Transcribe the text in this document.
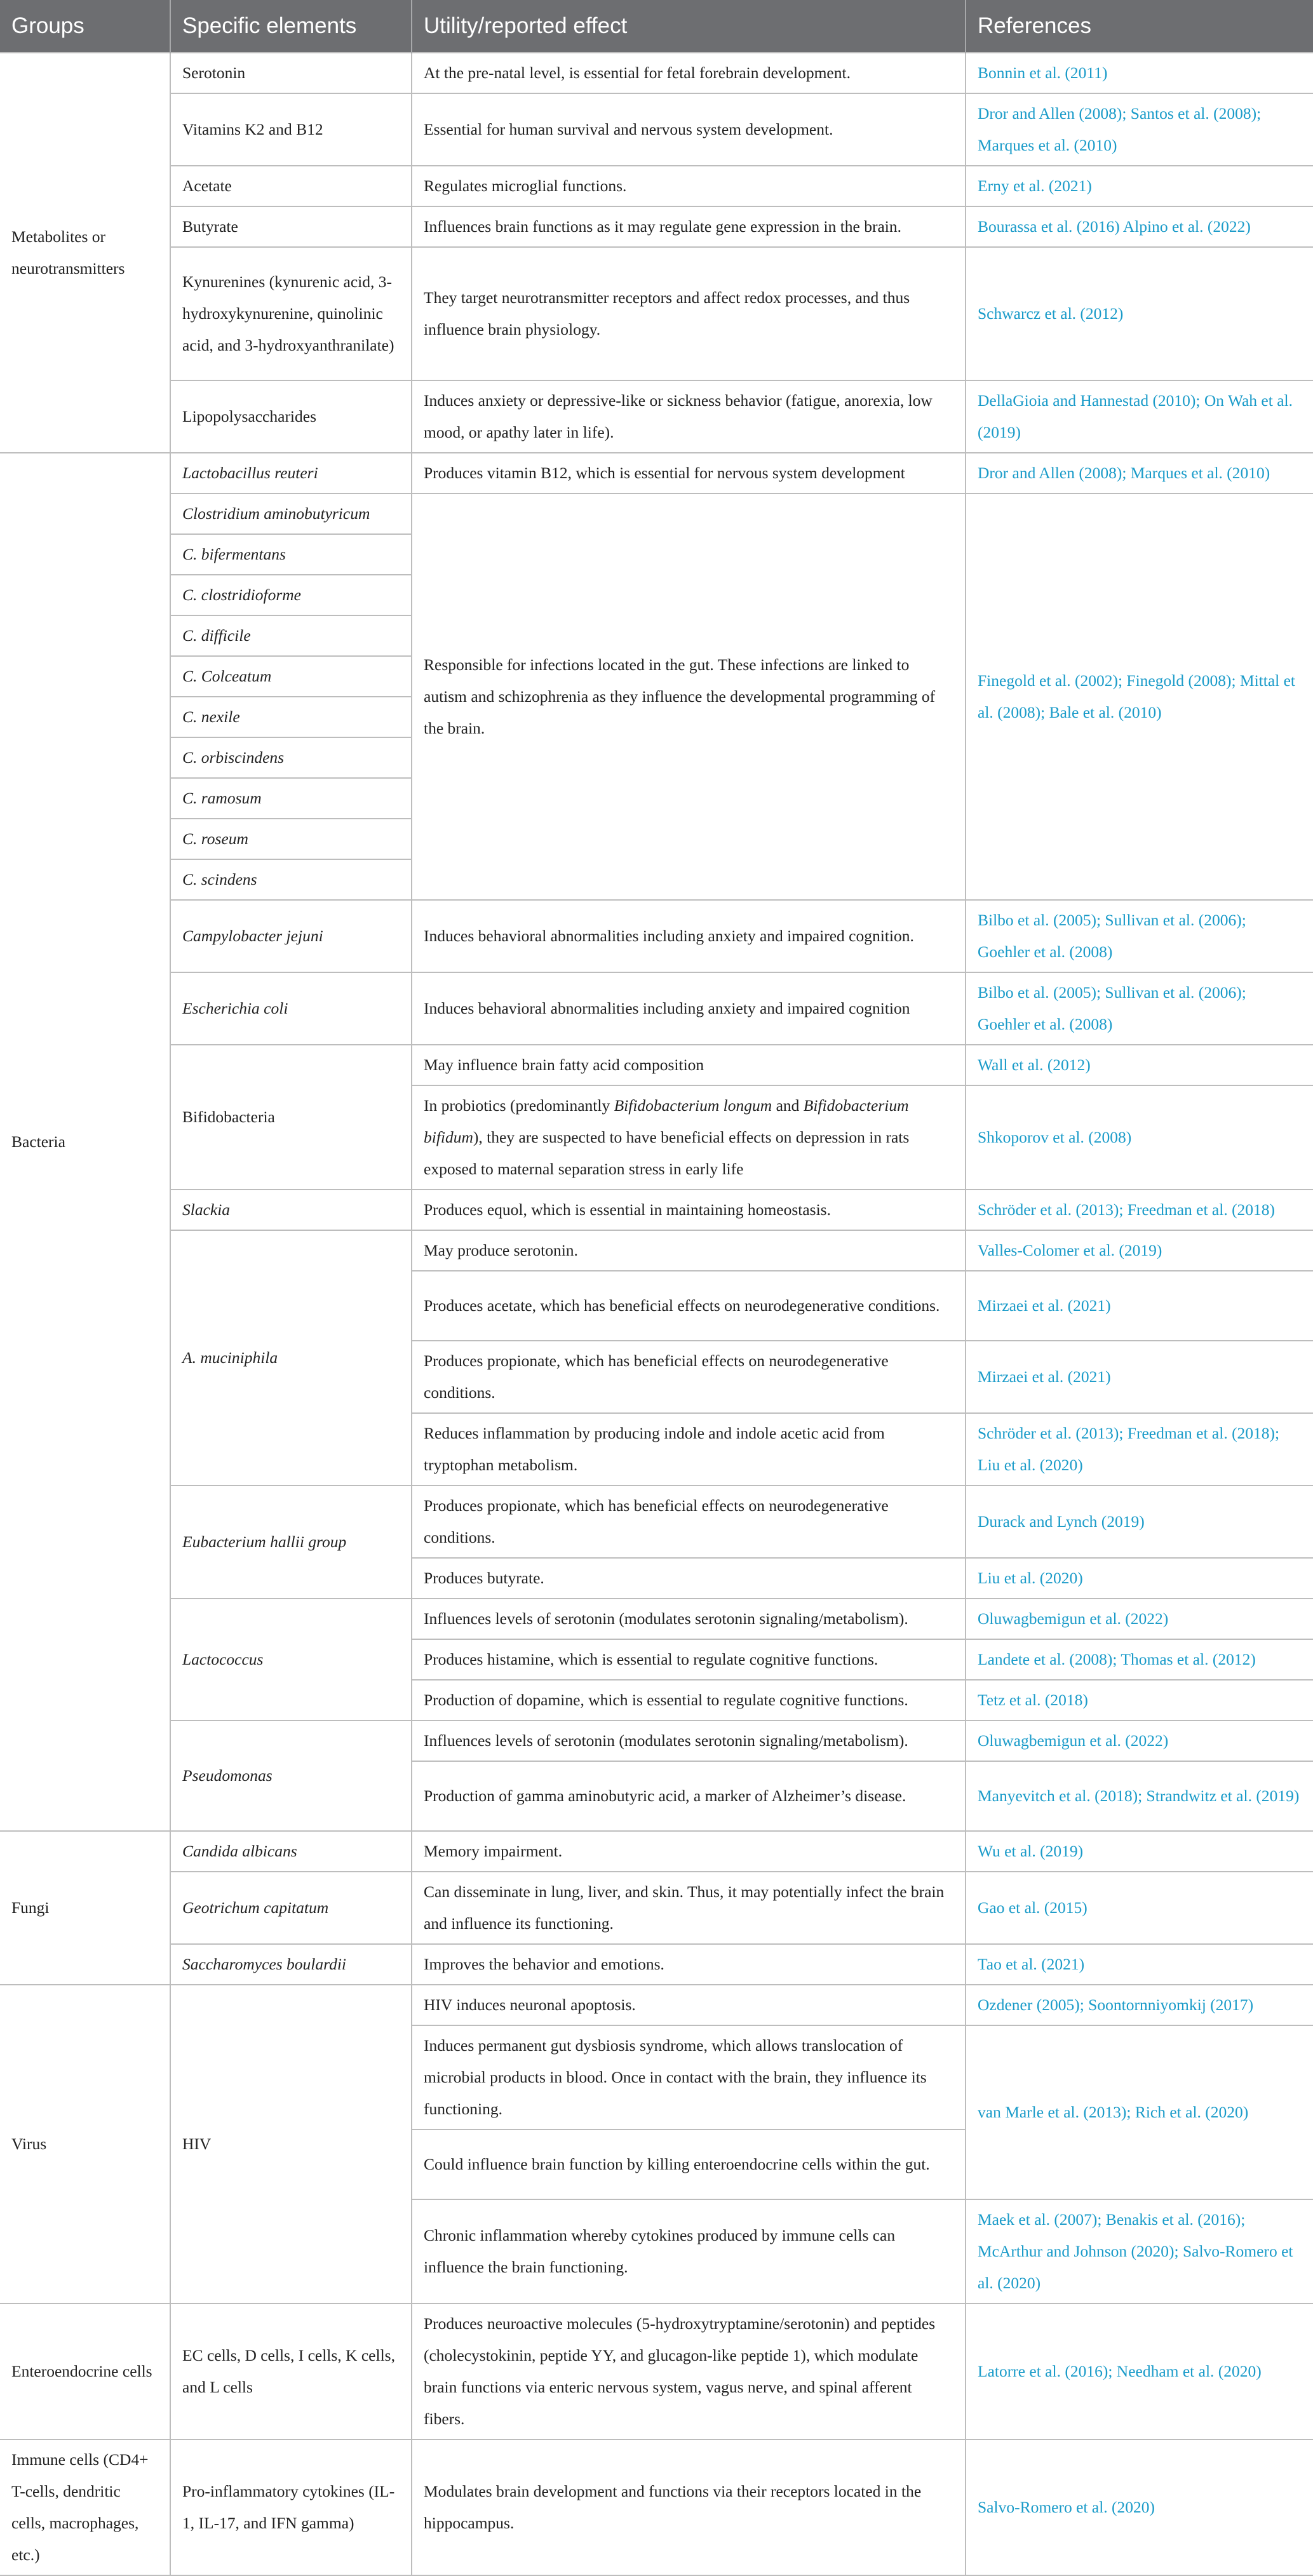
Groups	Specific elements	Utility/reported effect	References
Metabolites or neurotransmitters	Serotonin	At the pre-natal level, is essential for fetal forebrain development.	Bonnin et al. (2011)
	Vitamins K2 and B12	Essential for human survival and nervous system development.	Dror and Allen (2008); Santos et al. (2008); Marques et al. (2010)
	Acetate	Regulates microglial functions.	Erny et al. (2021)
	Butyrate	Influences brain functions as it may regulate gene expression in the brain.	Bourassa et al. (2016) Alpino et al. (2022)
	Kynurenines (kynurenic acid, 3-hydroxykynurenine, quinolinic acid, and 3-hydroxyanthranilate)	They target neurotransmitter receptors and affect redox processes, and thus influence brain physiology.	Schwarcz et al. (2012)
	Lipopolysaccharides	Induces anxiety or depressive-like or sickness behavior (fatigue, anorexia, low mood, or apathy later in life).	DellaGioia and Hannestad (2010); On Wah et al. (2019)
Bacteria	Lactobacillus reuteri	Produces vitamin B12, which is essential for nervous system development	Dror and Allen (2008); Marques et al. (2010)
	Clostridium aminobutyricum	Responsible for infections located in the gut. These infections are linked to autism and schizophrenia as they influence the developmental programming of the brain.	Finegold et al. (2002); Finegold (2008); Mittal et al. (2008); Bale et al. (2010)
	C. bifermentans		
	C. clostridioforme		
	C. difficile		
	C. Colceatum		
	C. nexile		
	C. orbiscindens		
	C. ramosum		
	C. roseum		
	C. scindens		
	Campylobacter jejuni	Induces behavioral abnormalities including anxiety and impaired cognition.	Bilbo et al. (2005); Sullivan et al. (2006); Goehler et al. (2008)
	Escherichia coli	Induces behavioral abnormalities including anxiety and impaired cognition	Bilbo et al. (2005); Sullivan et al. (2006); Goehler et al. (2008)
	Bifidobacteria	May influence brain fatty acid composition	Wall et al. (2012)
		In probiotics (predominantly Bifidobacterium longum and Bifidobacterium bifidum), they are suspected to have beneficial effects on depression in rats exposed to maternal separation stress in early life	Shkoporov et al. (2008)
	Slackia	Produces equol, which is essential in maintaining homeostasis.	Schröder et al. (2013); Freedman et al. (2018)
	A. muciniphila	May produce serotonin.	Valles-Colomer et al. (2019)
		Produces acetate, which has beneficial effects on neurodegenerative conditions.	Mirzaei et al. (2021)
		Produces propionate, which has beneficial effects on neurodegenerative conditions.	Mirzaei et al. (2021)
		Reduces inflammation by producing indole and indole acetic acid from tryptophan metabolism.	Schröder et al. (2013); Freedman et al. (2018); Liu et al. (2020)
	Eubacterium hallii group	Produces propionate, which has beneficial effects on neurodegenerative conditions.	Durack and Lynch (2019)
		Produces butyrate.	Liu et al. (2020)
	Lactococcus	Influences levels of serotonin (modulates serotonin signaling/metabolism).	Oluwagbemigun et al. (2022)
		Produces histamine, which is essential to regulate cognitive functions.	Landete et al. (2008); Thomas et al. (2012)
		Production of dopamine, which is essential to regulate cognitive functions.	Tetz et al. (2018)
	Pseudomonas	Influences levels of serotonin (modulates serotonin signaling/metabolism).	Oluwagbemigun et al. (2022)
		Production of gamma aminobutyric acid, a marker of Alzheimer’s disease.	Manyevitch et al. (2018); Strandwitz et al. (2019)
Fungi	Candida albicans	Memory impairment.	Wu et al. (2019)
	Geotrichum capitatum	Can disseminate in lung, liver, and skin. Thus, it may potentially infect the brain and influence its functioning.	Gao et al. (2015)
	Saccharomyces boulardii	Improves the behavior and emotions.	Tao et al. (2021)
Virus	HIV	HIV induces neuronal apoptosis.	Ozdener (2005); Soontornniyomkij (2017)
		Induces permanent gut dysbiosis syndrome, which allows translocation of microbial products in blood. Once in contact with the brain, they influence its functioning.	van Marle et al. (2013); Rich et al. (2020)
		Could influence brain function by killing enteroendocrine cells within the gut.	
		Chronic inflammation whereby cytokines produced by immune cells can influence the brain functioning.	Maek et al. (2007); Benakis et al. (2016); McArthur and Johnson (2020); Salvo-Romero et al. (2020)
Enteroendocrine cells	EC cells, D cells, I cells, K cells, and L cells	Produces neuroactive molecules (5-hydroxytryptamine/serotonin) and peptides (cholecystokinin, peptide YY, and glucagon-like peptide 1), which modulate brain functions via enteric nervous system, vagus nerve, and spinal afferent fibers.	Latorre et al. (2016); Needham et al. (2020)
Immune cells (CD4+ T-cells, dendritic cells, macrophages, etc.)	Pro-inflammatory cytokines (IL-1, IL-17, and IFN gamma)	Modulates brain development and functions via their receptors located in the hippocampus.	Salvo-Romero et al. (2020)
